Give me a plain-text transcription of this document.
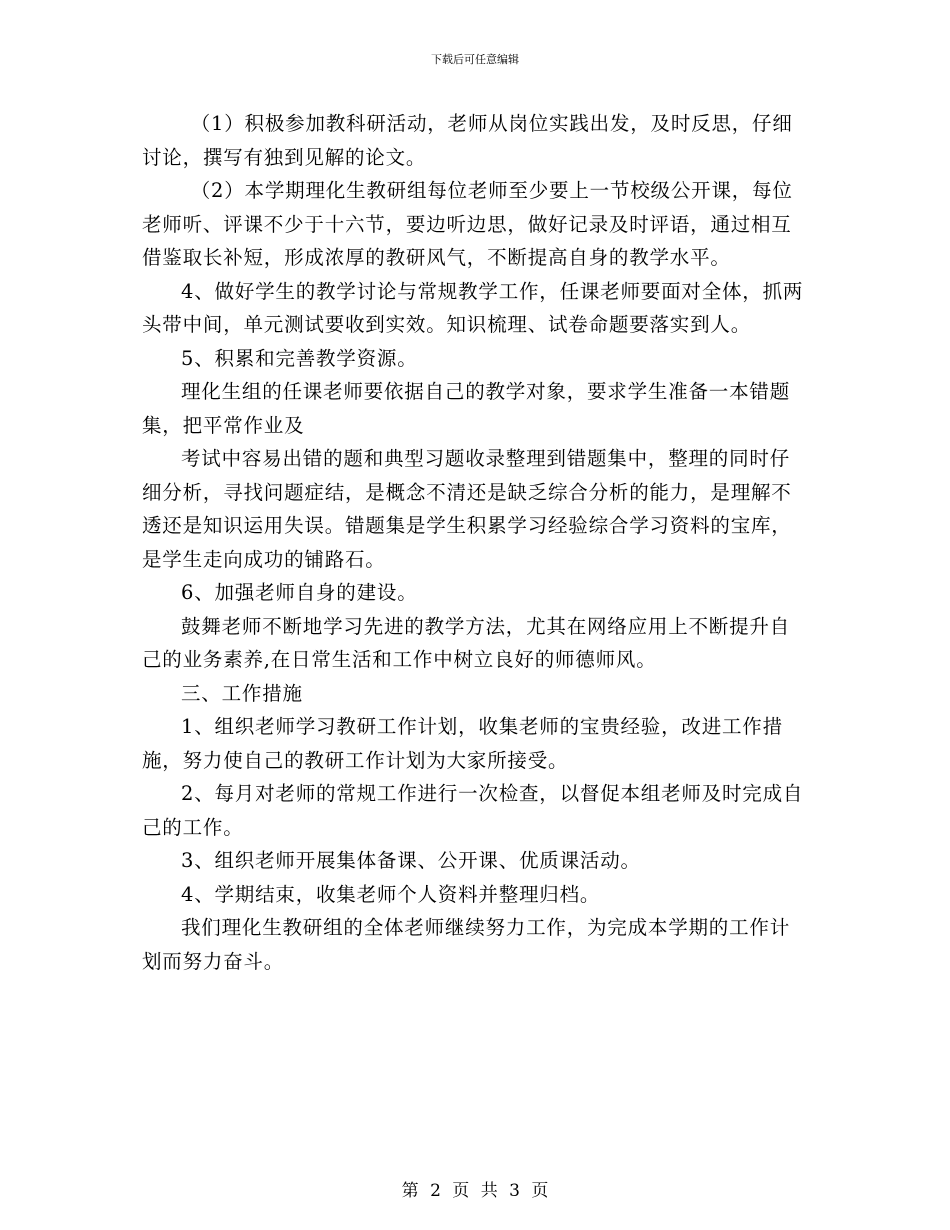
下载后可任意编辑

（1）积极参加教科研活动，老师从岗位实践出发，及时反思，仔细讨论，撰写有独到见解的论文。

（2）本学期理化生教研组每位老师至少要上一节校级公开课，每位老师听、评课不少于十六节，要边听边思，做好记录及时评语，通过相互借鉴取长补短，形成浓厚的教研风气，不断提高自身的教学水平。

4、做好学生的教学讨论与常规教学工作，任课老师要面对全体，抓两头带中间，单元测试要收到实效。知识梳理、试卷命题要落实到人。

5、积累和完善教学资源。

理化生组的任课老师要依据自己的教学对象，要求学生准备一本错题集，把平常作业及

考试中容易出错的题和典型习题收录整理到错题集中，整理的同时仔细分析，寻找问题症结，是概念不清还是缺乏综合分析的能力，是理解不透还是知识运用失误。错题集是学生积累学习经验综合学习资料的宝库，是学生走向成功的铺路石。

6、加强老师自身的建设。

鼓舞老师不断地学习先进的教学方法，尤其在网络应用上不断提升自己的业务素养,在日常生活和工作中树立良好的师德师风。

三、工作措施

1、组织老师学习教研工作计划，收集老师的宝贵经验，改进工作措施，努力使自己的教研工作计划为大家所接受。

2、每月对老师的常规工作进行一次检查，以督促本组老师及时完成自己的工作。

3、组织老师开展集体备课、公开课、优质课活动。

4、学期结束，收集老师个人资料并整理归档。

我们理化生教研组的全体老师继续努力工作，为完成本学期的工作计划而努力奋斗。

第 2 页 共 3 页
